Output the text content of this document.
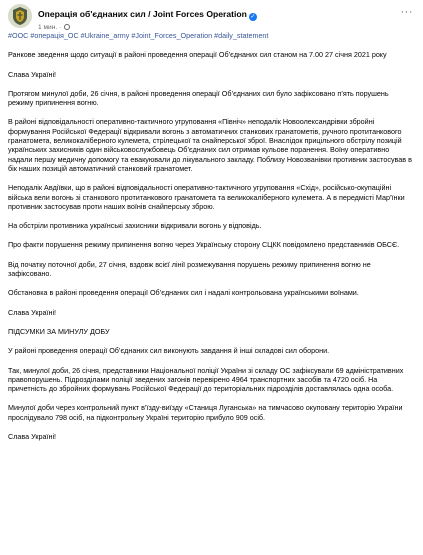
Операція об'єднаних сил / Joint Forces Operation ✓
1 мин. ·
···

#ООС #операція_ОС #Ukraine_army #Joint_Forces_Operation #daily_statement

Ранкове зведення щодо ситуації в районі проведення операції Об’єднаних сил станом на 7.00 27 січня 2021 року

Слава Україні!

Протягом минулої доби, 26 січня, в районі проведення операції Об’єднаних сил було зафіксовано п’ять порушень режиму припинення вогню.

В районі відповідальності оперативно-тактичного угруповання «Північ» неподалік Новоолександрівки збройні формування Російської Федерації відкривали вогонь з автоматичних станкових гранатометів, ручного протитанкового гранатомета, великокаліберного кулемета, стрілецької та снайперської зброї. Внаслідок прицільного обстрілу позицій українських захисників один військовослужбовець Об’єднаних сил отримав кульове поранення. Воїну оперативно надали першу медичну допомогу та евакуювали до лікувального закладу. Поблизу Новозванівки противник застосував в бік наших позицій автоматичний станковий гранатомет.

Неподалік Авдіївки, що в районі відповідальності оперативно-тактичного угруповання «Схід», російсько-окупаційні війська вели вогонь зі станкового протитанкового гранатомета та великокаліберного кулемета. А в передмісті Мар’їнки противник застосував проти наших воїнів снайперську зброю.

На обстріли противника українські захисники відкривали вогонь у відповідь.

Про факти порушення режиму припинення вогню через Українську сторону СЦКК повідомлено представників ОБСЄ.

Від початку поточної доби, 27 січня, вздовж всієї лінії розмежування порушень режиму припинення вогню не зафіксовано.

Обстановка в районі проведення операції Об’єднаних сил і надалі контрольована українськими воїнами.

Слава Україні!

ПІДСУМКИ ЗА МИНУЛУ ДОБУ

У районі проведення операції Об’єднаних сил виконують завдання й інші складові сил оборони.

Так, минулої доби, 26 січня, представники Національної поліції України зі складу ОС зафіксували 69 адміністративних правопорушень. Підрозділами поліції зведених загонів перевірено 4964 транспортних засобів та 4720 осіб. На причетність до збройних формувань Російської Федерації до територіальних підрозділів доставлялась одна особа.

Минулої доби через контрольний пункт в’їзду-виїзду «Станиця Луганська» на тимчасово окуповану територію України прослідувало 798 осіб, на підконтрольну Україні територію прибуло 909 осіб.

Слава Україні!
